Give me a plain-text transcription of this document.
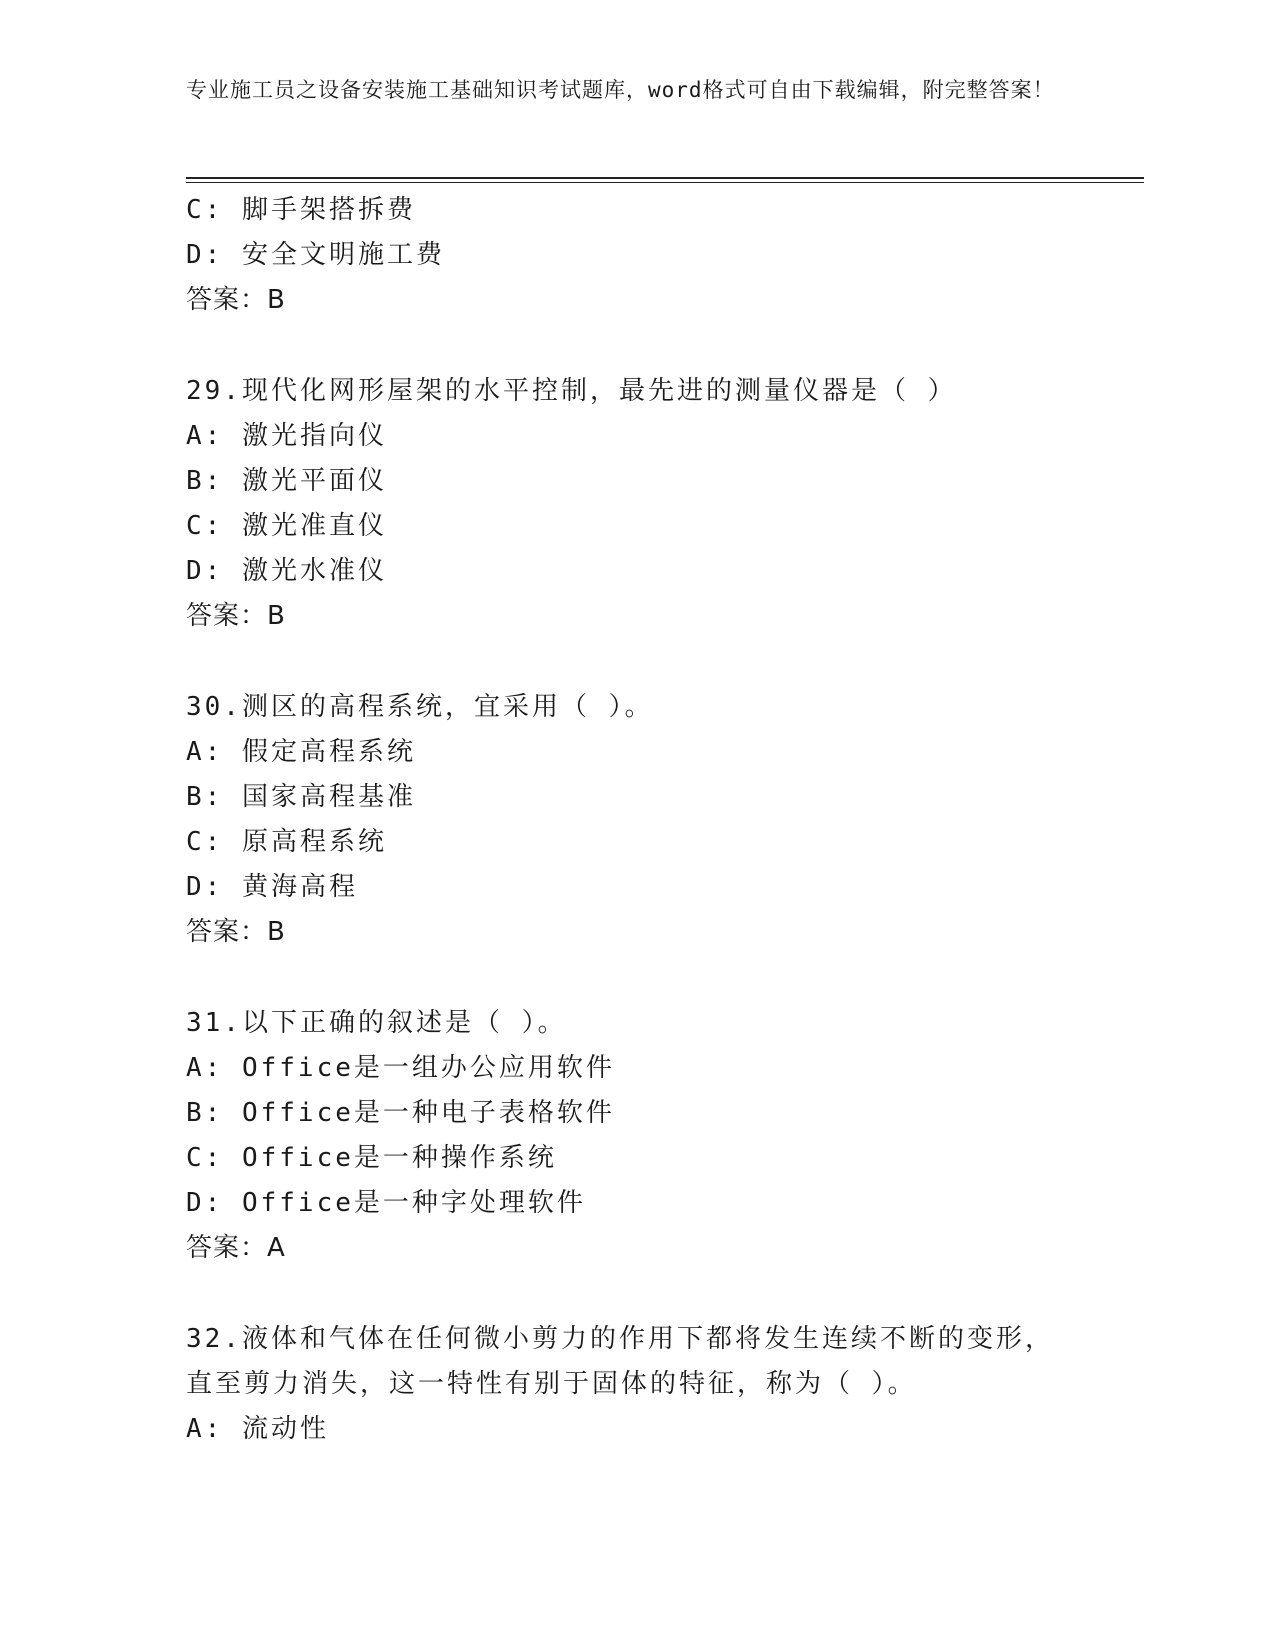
专业施工员之设备安装施工基础知识考试题库，word格式可自由下载编辑，附完整答案！
C: 脚手架搭拆费
D: 安全文明施工费
答案：B
29.现代化网形屋架的水平控制，最先进的测量仪器是（ ）
A: 激光指向仪
B: 激光平面仪
C: 激光准直仪
D: 激光水准仪
答案：B
30.测区的高程系统，宜采用（ ）。
A: 假定高程系统
B: 国家高程基准
C: 原高程系统
D: 黄海高程
答案：B
31.以下正确的叙述是（ ）。
A: Office是一组办公应用软件
B: Office是一种电子表格软件
C: Office是一种操作系统
D: Office是一种字处理软件
答案：A
32.液体和气体在任何微小剪力的作用下都将发生连续不断的变形，直至剪力消失，这一特性有别于固体的特征，称为（ ）。
A: 流动性
